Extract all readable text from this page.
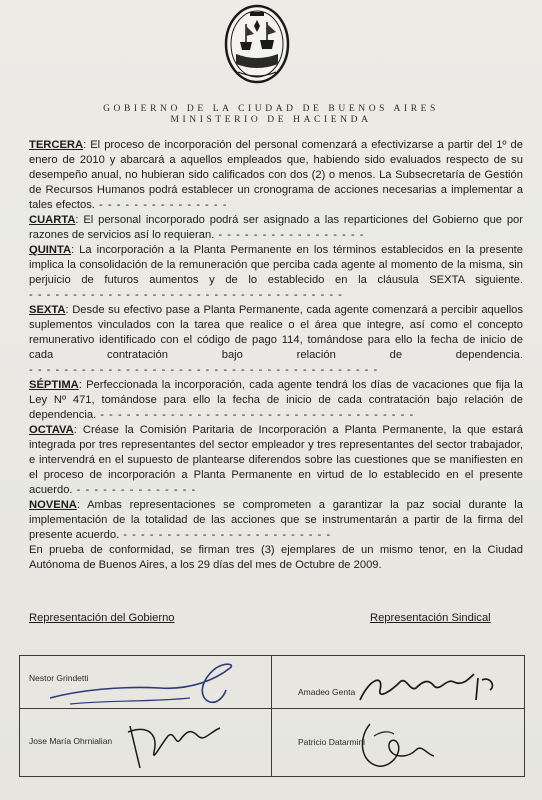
GOBIERNO DE LA CIUDAD DE BUENOS AIRES
MINISTERIO DE HACIENDA

TERCERA: El proceso de incorporación del personal comenzará a efectivizarse a partir del 1º de enero de 2010 y abarcará a aquellos empleados que, habiendo sido evaluados respecto de su desempeño anual, no hubieran sido calificados con dos (2) o menos. La Subsecretaría de Gestión de Recursos Humanos podrá establecer un cronograma de acciones necesarias a implementar a tales efectos. - - - - - - - - - - - - - - -

CUARTA: El personal incorporado podrá ser asignado a las reparticiones del Gobierno que por razones de servicios así lo requieran. - - - - - - - - - - - - - - - - -

QUINTA: La incorporación a la Planta Permanente en los términos establecidos en la presente implica la consolidación de la remuneración que perciba cada agente al momento de la misma, sin perjuicio de futuros aumentos y de lo establecido en la cláusula SEXTA siguiente. - - - - - - - - - - - - - - - - - - - - - - - - - - - - - - - - - - - -

SEXTA: Desde su efectivo pase a Planta Permanente, cada agente comenzará a percibir aquellos suplementos vinculados con la tarea que realice o el área que integre, así como el concepto remunerativo identificado con el código de pago 114, tomándose para ello la fecha de inicio de cada contratación bajo relación de dependencia. - - - - - - - - - - - - - - - - - - - - - - - - - - - - - - - - - - - - - - - -

SÉPTIMA: Perfeccionada la incorporación, cada agente tendrá los días de vacaciones que fija la Ley Nº 471, tomándose para ello la fecha de inicio de cada contratación bajo relación de dependencia. - - - - - - - - - - - - - - - - - - - - - - - - - - - - - - - - - - - -

OCTAVA: Créase la Comisión Paritaria de Incorporación a Planta Permanente, la que estará integrada por tres representantes del sector empleador y tres representantes del sector trabajador, e intervendrá en el supuesto de plantearse diferendos sobre las cuestiones que se manifiesten en el proceso de incorporación a Planta Permanente en virtud de lo establecido en el presente acuerdo. - - - - - - - - - - - - - -

NOVENA: Ambas representaciones se comprometen a garantizar la paz social durante la implementación de la totalidad de las acciones que se instrumentarán a partir de la firma del presente acuerdo. - - - - - - - - - - - - - - - - - - - - - - - -

En prueba de conformidad, se firman tres (3) ejemplares de un mismo tenor, en la Ciudad Autónoma de Buenos Aires, a los 29 días del mes de Octubre de 2009.

Representación del Gobierno	Representación Sindical
Nestor Grindetti
Jose María Ohrnialian
Amadeo Genta
Patricio Datarmini
